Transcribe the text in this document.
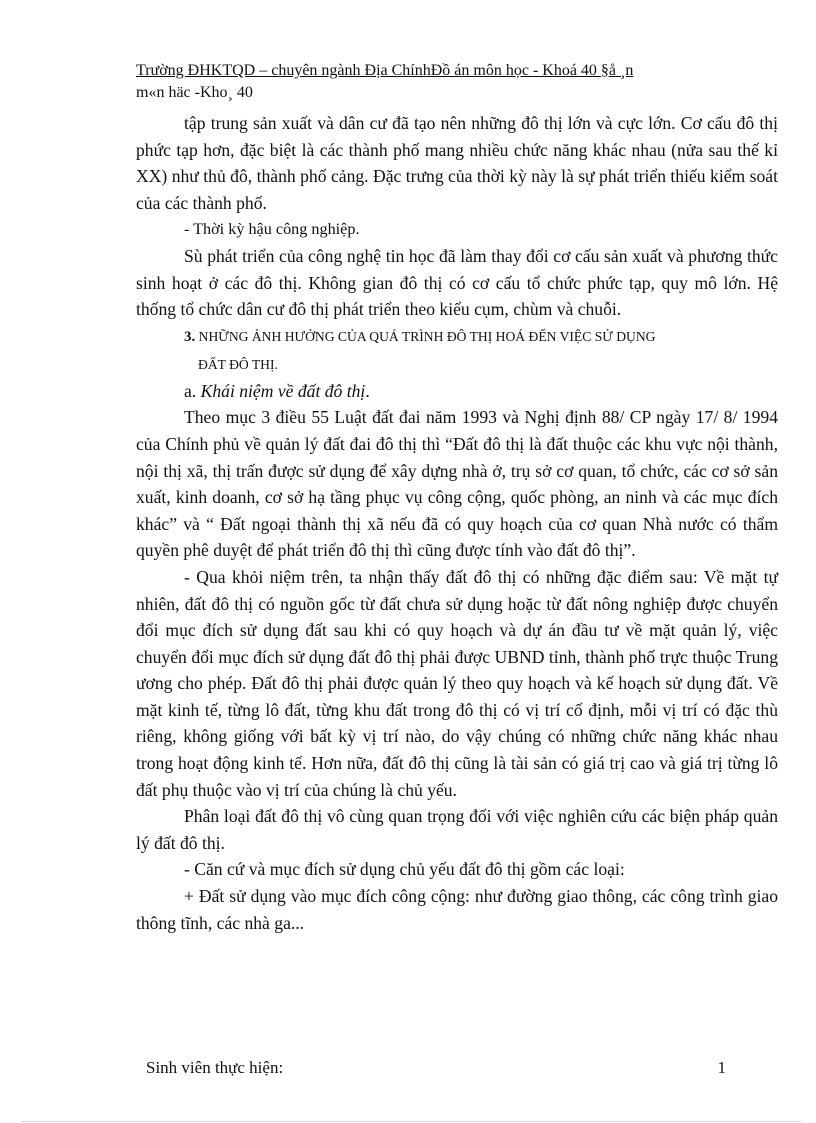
Trường ĐHKTQD – chuyên ngành Địa ChínhĐồ án môn học - Khoá 40 §å ¸n
m«n häc -Kho¸ 40

tập trung sản xuất và dân cư đã tạo nên những đô thị lớn và cực lớn. Cơ cấu đô thị phức tạp hơn, đặc biệt là các thành phố mang nhiều chức năng khác nhau (nửa sau thế kỉ XX) như thủ đô, thành phố cảng. Đặc trưng của thời kỳ này là sự phát triển thiếu kiểm soát của các thành phố.

- Thời kỳ hậu công nghiệp.

Sù phát triển của công nghệ tin học đã làm thay đổi cơ cấu sản xuất và phương thức sinh hoạt ở các đô thị. Không gian đô thị có cơ cấu tổ chức phức tạp, quy mô lớn. Hệ thống tổ chức dân cư đô thị phát triển theo kiểu cụm, chùm và chuỗi.

3. NHỮNG ẢNH HƯỞNG CỦA QUÁ TRÌNH ĐÔ THỊ HOÁ ĐẾN VIỆC SỬ DỤNG
ĐẤT ĐÔ THỊ.

a. Khái niệm về đất đô thị.

Theo mục 3 điều 55 Luật đất đai năm 1993 và Nghị định 88/ CP ngày 17/ 8/ 1994 của Chính phủ về quản lý đất đai đô thị thì “Đất đô thị là đất thuộc các khu vực nội thành, nội thị xã, thị trấn được sử dụng để xây dựng nhà ở, trụ sở cơ quan, tổ chức, các cơ sở sản xuất, kinh doanh, cơ sở hạ tầng phục vụ công cộng, quốc phòng, an ninh và các mục đích khác” và “ Đất ngoại thành thị xã nếu đã có quy hoạch của cơ quan Nhà nước có thẩm quyền phê duyệt để phát triển đô thị thì cũng được tính vào đất đô thị”.

- Qua khỏi niệm trên, ta nhận thấy đất đô thị có những đặc điểm sau: Về mặt tự nhiên, đất đô thị có nguồn gốc từ đất chưa sử dụng hoặc từ đất nông nghiệp được chuyển đổi mục đích sử dụng đất sau khi có quy hoạch và dự án đầu tư về mặt quản lý, việc chuyển đổi mục đích sử dụng đất đô thị phải được UBND tỉnh, thành phố trực thuộc Trung ương cho phép. Đất đô thị phải được quản lý theo quy hoạch và kế hoạch sử dụng đất. Về mặt kinh tế, từng lô đất, từng khu đất trong đô thị có vị trí cố định, mỗi vị trí có đặc thù riêng, không giống với bất kỳ vị trí nào, do vậy chúng có những chức năng khác nhau trong hoạt động kinh tế. Hơn nữa, đất đô thị cũng là tài sản có giá trị cao và giá trị từng lô đất phụ thuộc vào vị trí của chúng là chủ yếu.

Phân loại đất đô thị vô cùng quan trọng đối với việc nghiên cứu các biện pháp quản lý đất đô thị.

- Căn cứ và mục đích sử dụng chủ yếu đất đô thị gồm các loại:

+ Đất sử dụng vào mục đích công cộng: như đường giao thông, các công trình giao thông tĩnh, các nhà ga...

Sinh viên thực hiện:	1
